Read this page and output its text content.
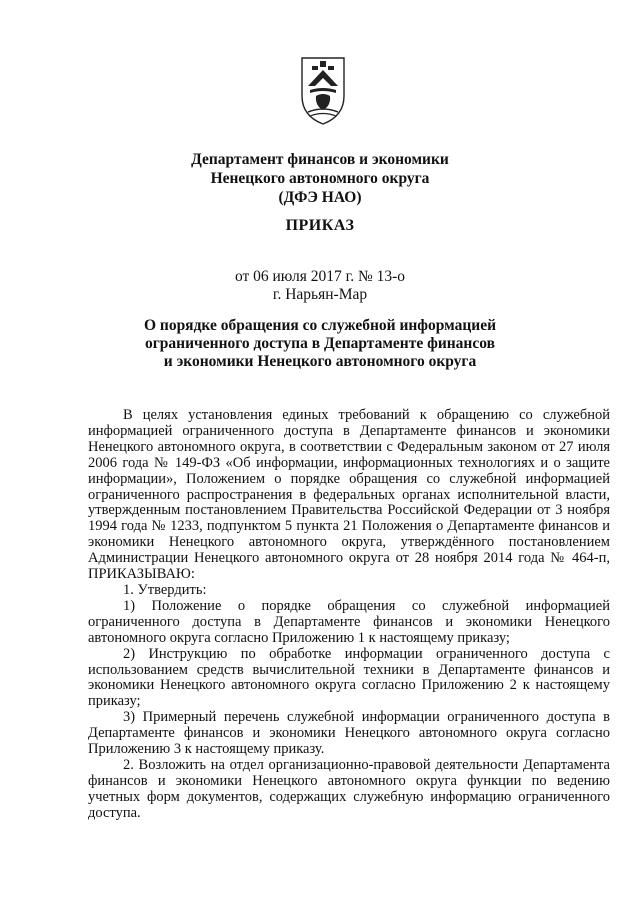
Департамент финансов и экономики
Ненецкого автономного округа
(ДФЭ НАО)
ПРИКАЗ
от 06 июля 2017 г. № 13-о
г. Нарьян-Мар
О порядке обращения со служебной информацией
ограниченного доступа в Департаменте финансов
и экономики Ненецкого автономного округа

В целях установления единых требований к обращению со служебной информацией ограниченного доступа в Департаменте финансов и экономики Ненецкого автономного округа, в соответствии с Федеральным законом от 27 июля 2006 года № 149-ФЗ «Об информации, информационных технологиях и о защите информации», Положением о порядке обращения со служебной информацией ограниченного распространения в федеральных органах исполнительной власти, утвержденным постановлением Правительства Российской Федерации от 3 ноября 1994 года № 1233, подпунктом 5 пункта 21 Положения о Департаменте финансов и экономики Ненецкого автономного округа, утверждённого постановлением Администрации Ненецкого автономного округа от 28 ноября 2014 года № 464-п, ПРИКАЗЫВАЮ:

1. Утвердить:

1) Положение о порядке обращения со служебной информацией ограниченного доступа в Департаменте финансов и экономики Ненецкого автономного округа согласно Приложению 1 к настоящему приказу;

2) Инструкцию по обработке информации ограниченного доступа с использованием средств вычислительной техники в Департаменте финансов и экономики Ненецкого автономного округа согласно Приложению 2 к настоящему приказу;

3) Примерный перечень служебной информации ограниченного доступа в Департаменте финансов и экономики Ненецкого автономного округа согласно Приложению 3 к настоящему приказу.

2. Возложить на отдел организационно-правовой деятельности Департамента финансов и экономики Ненецкого автономного округа функции по ведению учетных форм документов, содержащих служебную информацию ограниченного доступа.
